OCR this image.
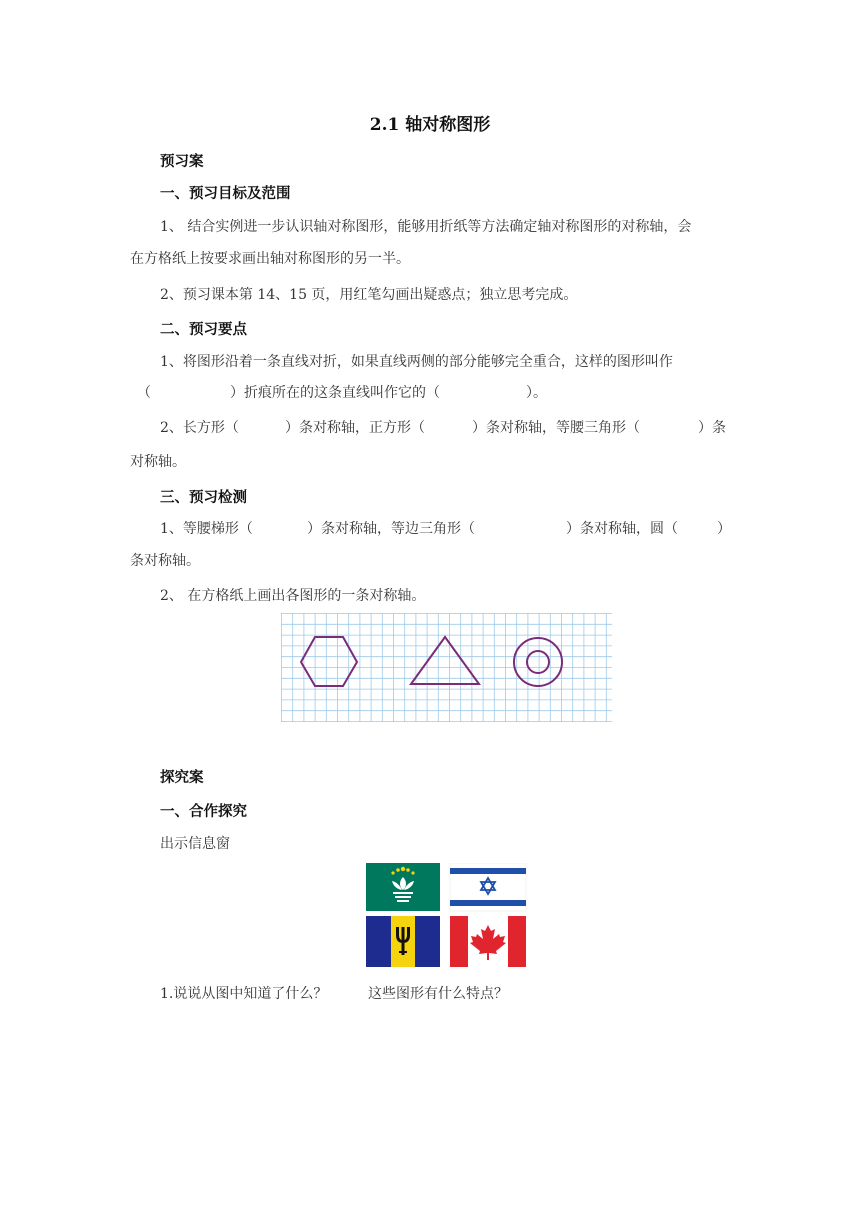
2.1 轴对称图形
预习案
一、预习目标及范围
1、 结合实例进一步认识轴对称图形，能够用折纸等方法确定轴对称图形的对称轴，会
在方格纸上按要求画出轴对称图形的另一半。
2、预习课本第 14、15 页，用红笔勾画出疑惑点；独立思考完成。
二、预习要点
1、将图形沿着一条直线对折，如果直线两侧的部分能够完全重合，这样的图形叫作
（	）折痕所在的这条直线叫作它的（	）。
2、长方形（	）条对称轴，正方形（	）条对称轴，等腰三角形（	）条
对称轴。
三、预习检测
1、等腰梯形（	）条对称轴，等边三角形（	）条对称轴，圆（	）
条对称轴。
2、 在方格纸上画出各图形的一条对称轴。
探究案
一、合作探究
出示信息窗
1.说说从图中知道了什么？	这些图形有什么特点？
